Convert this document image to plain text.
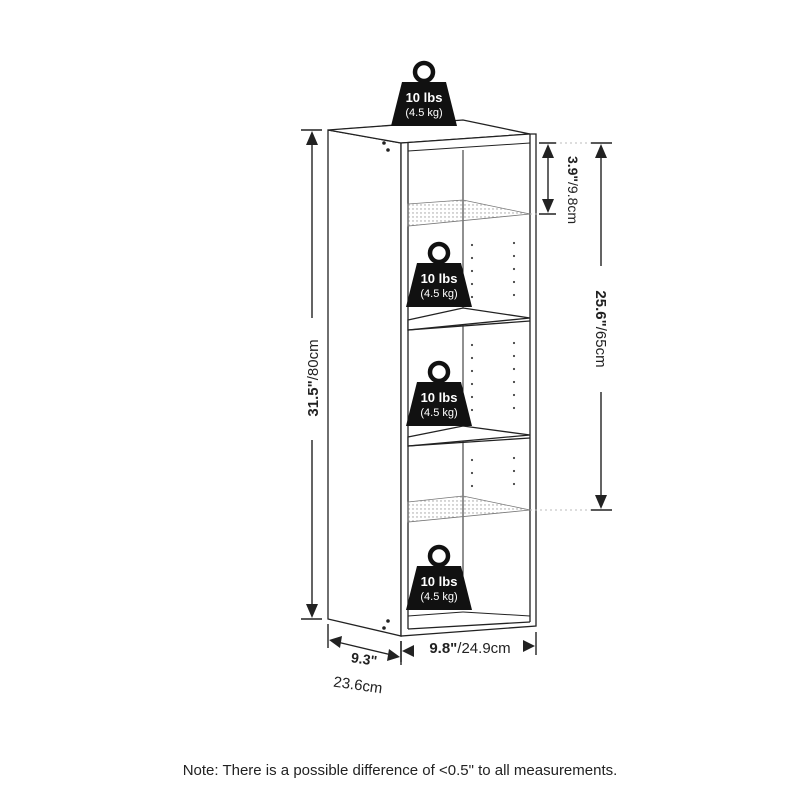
31.5"/80cm
3.9"/9.8cm
25.6"/65cm
9.3"
23.6cm
9.8"/24.9cm
10 lbs
(4.5 kg)
10 lbs
(4.5 kg)
10 lbs
(4.5 kg)
10 lbs
(4.5 kg)
Note: There is a possible difference of <0.5" to all measurements.
